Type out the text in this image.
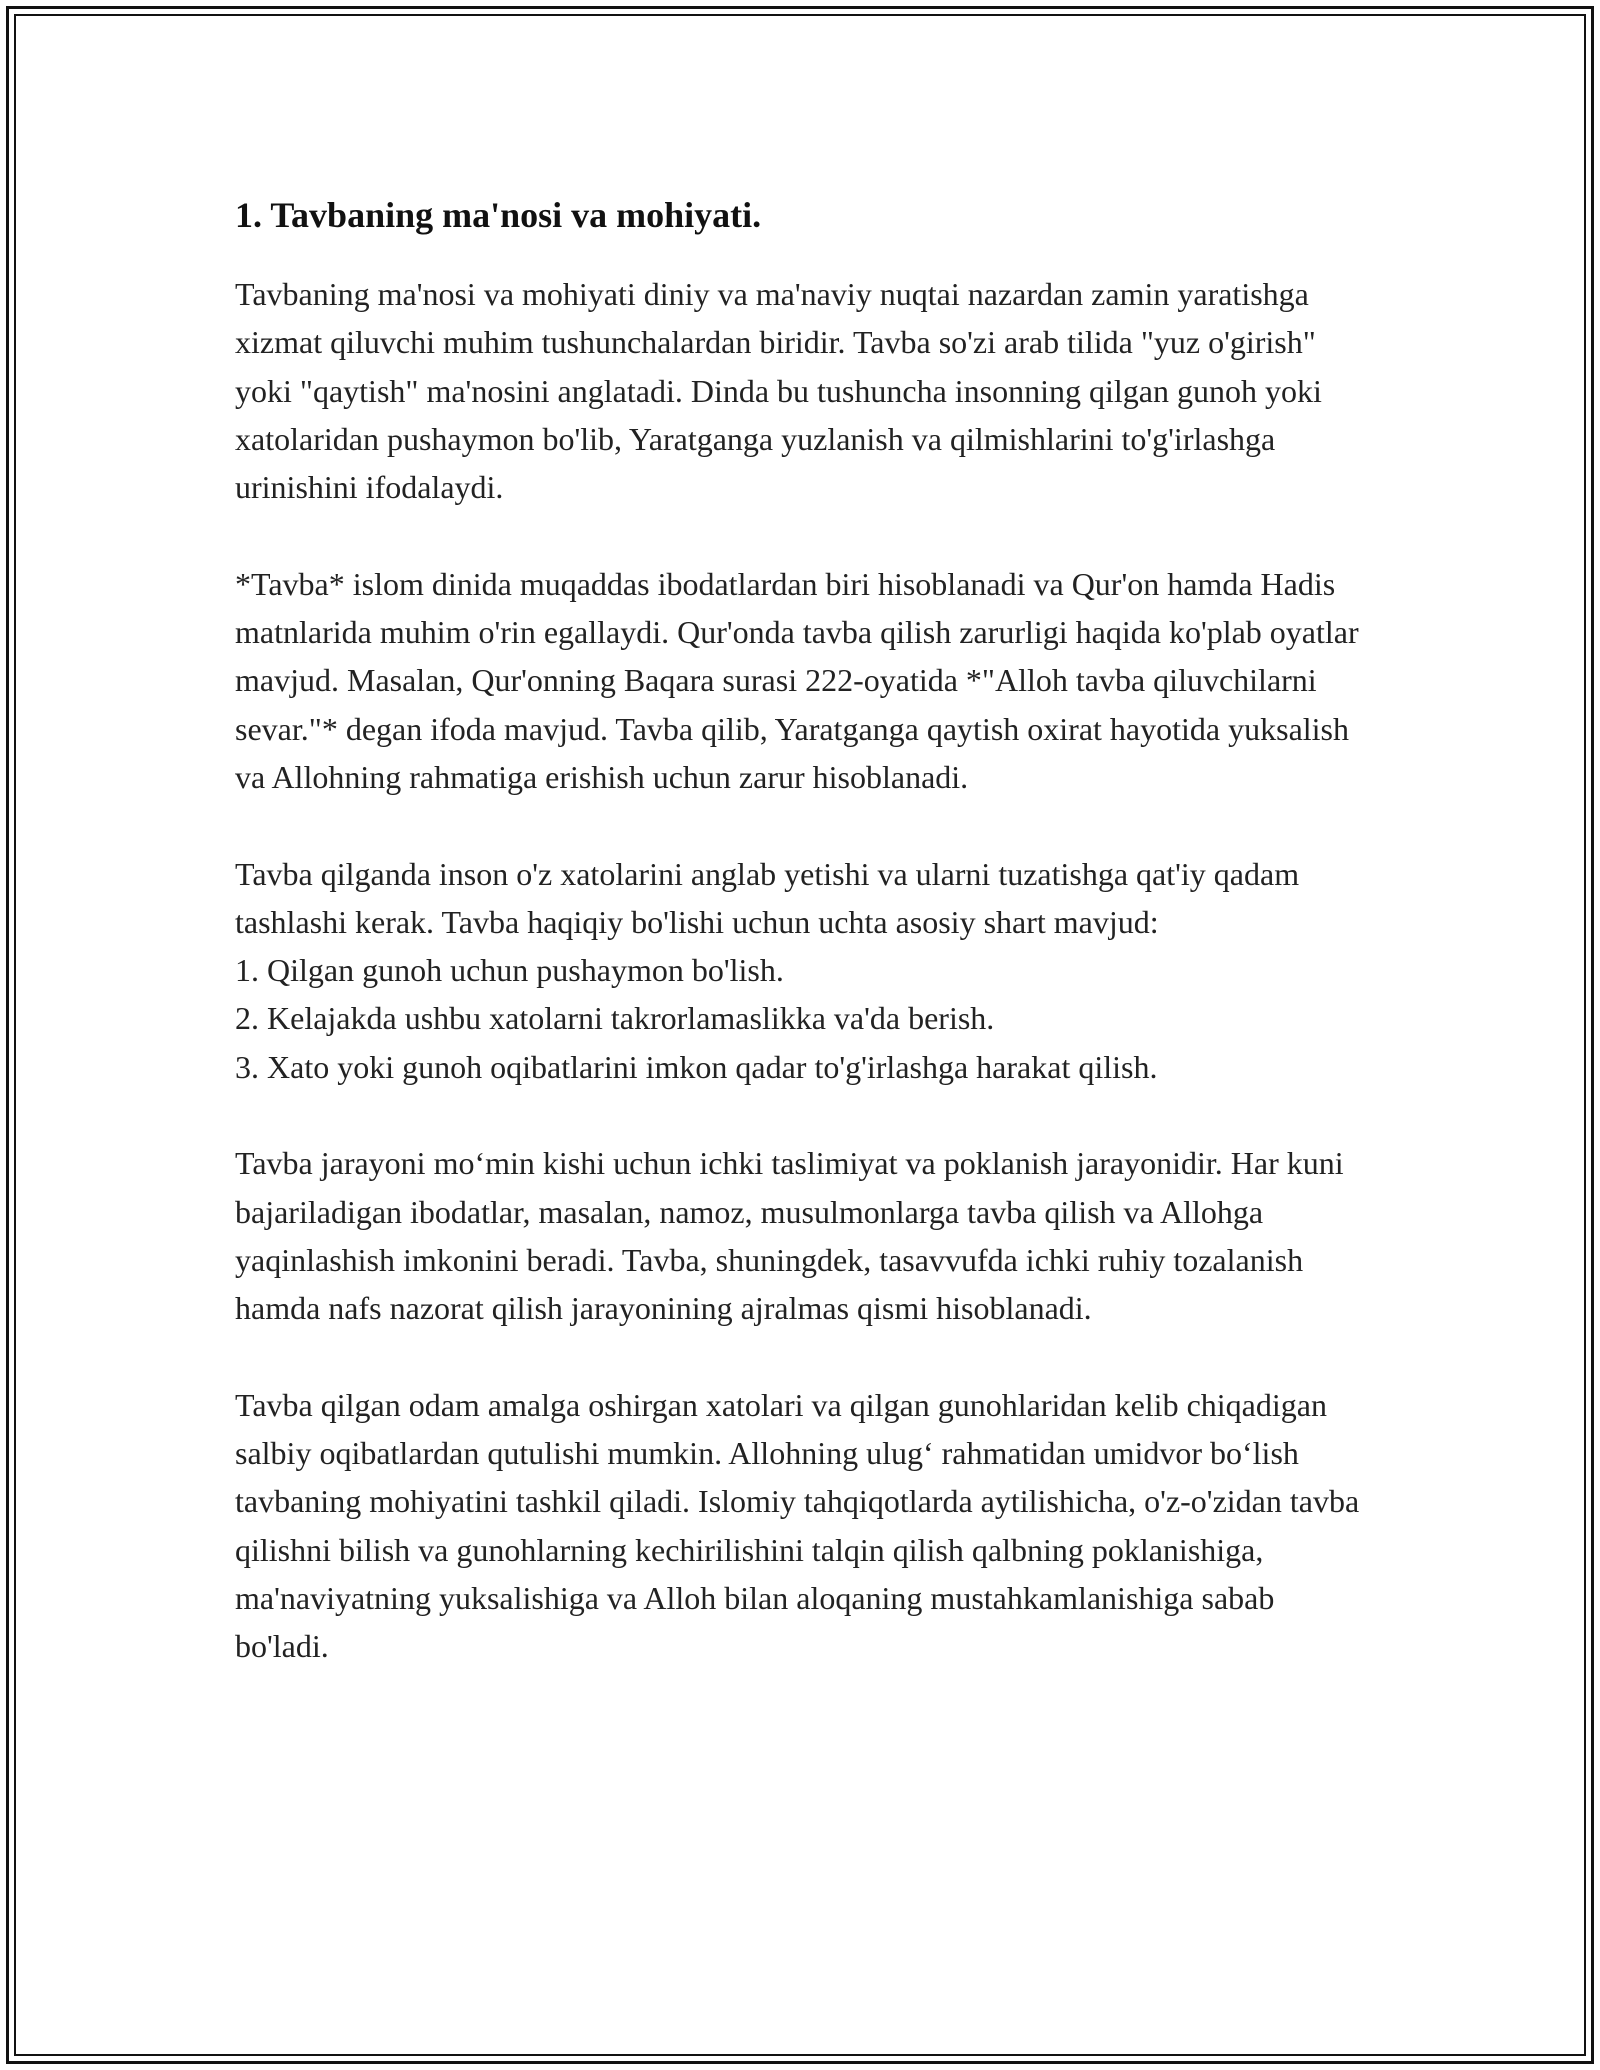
1. Tavbaning ma'nosi va mohiyati.

Tavbaning ma'nosi va mohiyati diniy va ma'naviy nuqtai nazardan zamin yaratishga xizmat qiluvchi muhim tushunchalardan biridir. Tavba so'zi arab tilida "yuz o'girish" yoki "qaytish" ma'nosini anglatadi. Dinda bu tushuncha insonning qilgan gunoh yoki xatolaridan pushaymon bo'lib, Yaratganga yuzlanish va qilmishlarini to'g'irlashga urinishini ifodalaydi.

*Tavba* islom dinida muqaddas ibodatlardan biri hisoblanadi va Qur'on hamda Hadis matnlarida muhim o'rin egallaydi. Qur'onda tavba qilish zarurligi haqida ko'plab oyatlar mavjud. Masalan, Qur'onning Baqara surasi 222-oyatida *"Alloh tavba qiluvchilarni sevar."* degan ifoda mavjud. Tavba qilib, Yaratganga qaytish oxirat hayotida yuksalish va Allohning rahmatiga erishish uchun zarur hisoblanadi.

Tavba qilganda inson o'z xatolarini anglab yetishi va ularni tuzatishga qat'iy qadam tashlashi kerak. Tavba haqiqiy bo'lishi uchun uchta asosiy shart mavjud:

1. Qilgan gunoh uchun pushaymon bo'lish.
2. Kelajakda ushbu xatolarni takrorlamaslikka va'da berish.
3. Xato yoki gunoh oqibatlarini imkon qadar to'g'irlashga harakat qilish.

Tavba jarayoni mo‘min kishi uchun ichki taslimiyat va poklanish jarayonidir. Har kuni bajariladigan ibodatlar, masalan, namoz, musulmonlarga tavba qilish va Allohga yaqinlashish imkonini beradi. Tavba, shuningdek, tasavvufda ichki ruhiy tozalanish hamda nafs nazorat qilish jarayonining ajralmas qismi hisoblanadi.

Tavba qilgan odam amalga oshirgan xatolari va qilgan gunohlaridan kelib chiqadigan salbiy oqibatlardan qutulishi mumkin. Allohning ulug‘ rahmatidan umidvor bo‘lish tavbaning mohiyatini tashkil qiladi. Islomiy tahqiqotlarda aytilishicha, o'z-o'zidan tavba qilishni bilish va gunohlarning kechirilishini talqin qilish qalbning poklanishiga, ma'naviyatning yuksalishiga va Alloh bilan aloqaning mustahkamlanishiga sabab bo'ladi.
